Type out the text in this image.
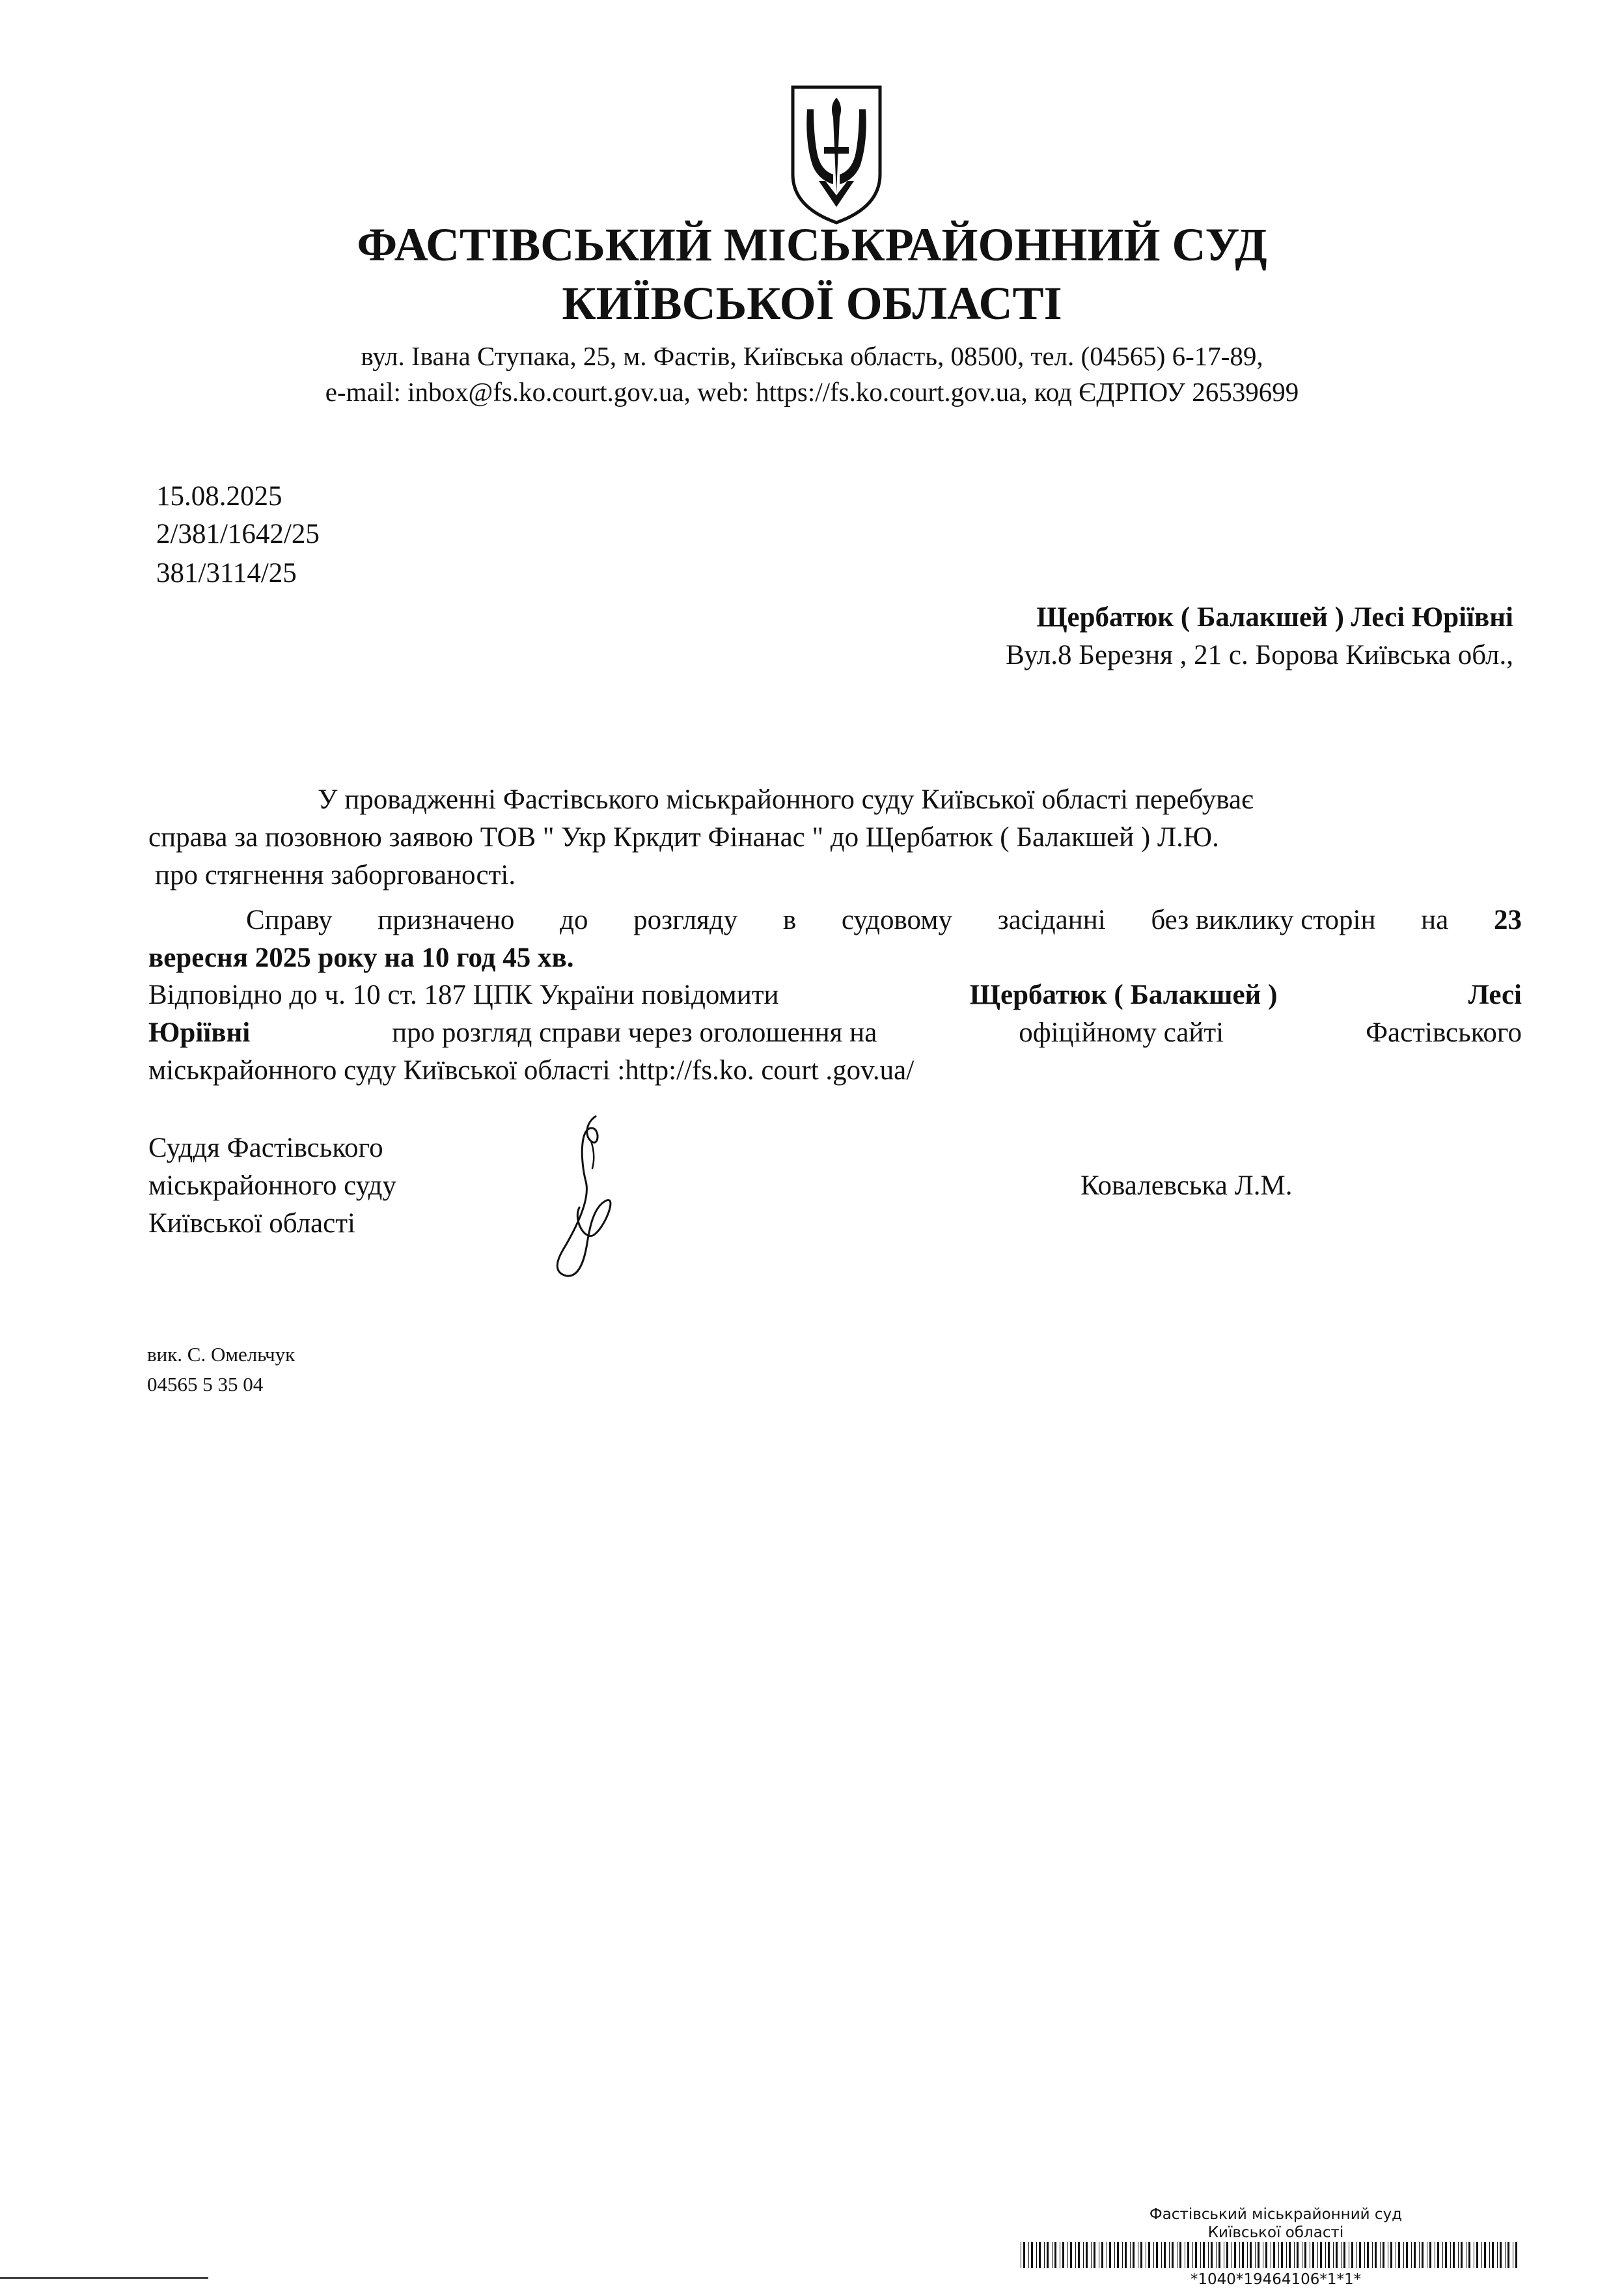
ФАСТІВСЬКИЙ МІСЬКРАЙОННИЙ СУД
КИЇВСЬКОЇ ОБЛАСТІ
вул. Івана Ступака, 25, м. Фастів, Київська область, 08500, тел. (04565) 6-17-89,
e-mail: inbox@fs.ko.court.gov.ua, web: https://fs.ko.court.gov.ua, код ЄДРПОУ 26539699
15.08.2025
2/381/1642/25
381/3114/25
Щербатюк ( Балакшей ) Лесі Юріївні
Вул.8 Березня , 21 с. Борова Київська обл.,
У провадженні Фастівського міськрайонного суду Київської області перебуває
справа за позовною заявою ТОВ " Укр Кркдит Фінанас " до Щербатюк ( Балакшей ) Л.Ю.
про стягнення заборгованості.
Справу призначено до розгляду в судовому засіданні без виклику сторін на 23
вересня 2025 року на 10 год 45 хв.
Відповідно до ч. 10 ст. 187 ЦПК України повідомити	Щербатюк ( Балакшей )	Лесі
Юріївні	про розгляд справи через оголошення на	офіційному сайті	Фастівського
міськрайонного суду Київської області :http://fs.ko. court .gov.ua/
Суддя Фастівського
міськрайонного суду
Київської області
Ковалевська Л.М.
вик. С. Омельчук
04565 5 35 04
Фастівський міськрайонний суд
Київської області
*1040*19464106*1*1*
